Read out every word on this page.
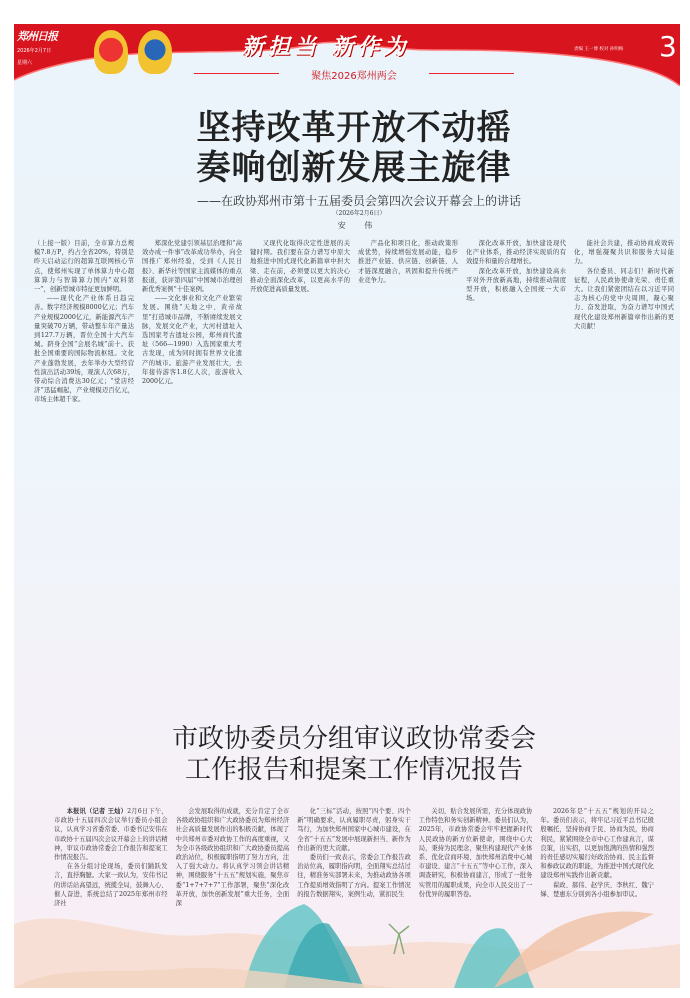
郑州日报
2026年2月7日
星期六
新担当 新作为
聚焦2026郑州两会
责编 王一博 校对 孙明梅 3
坚持改革开放不动摇
奏响创新发展主旋律
——在政协郑州市第十五届委员会第四次会议开幕会上的讲话
（2026年2月6日）
安 伟

（上接一版）目前，全市算力总规模7.8万P，约占全省20%，特别是昨天启动运行的超算互联网核心节点，使郑州实现了单体算力中心超算算力与智算算力国内“双料第一”，创新型城市特征更加鲜明。

——现代化产业体系日趋完善。数字经济规模8000亿元；汽车产业规模2000亿元，新能源汽车产量突破70万辆，带动整车年产量达到127.7万辆，晋位全国十大汽车城。跻身全国“会展名城”前十。获批全国重要的国际物流枢纽。文化产业蓬勃发展，去年举办大型经营性演出活动39场，观演人次68万，带动综合消费达30亿元；“堂店经济”迅猛崛起，产业规模迈百亿元，市场主体超千家。

郑深化党建引领基层治理和“高效办成一件事”改革成功举办，向全国推广郑州经验，受到《人民日报》、新华社等国家主流媒体的重点报道，获评第四届“中国城市治理创新优秀案例”十佳案例。

——文化事业和文化产业繁荣发展。围绕“天地之中、黄帝故里”打造城市品牌，不断赓续发展文脉，发展文化产业，大河村遗址入选国家考古遗址公园，郑州商代遗址（566—1990）入选国家重大考古发现，成为同时拥有世界文化遗产的城市。旅游产业发展壮大，去年接待游客1.8亿人次，旅游收入2000亿元。

又现代化取得决定性进展的关键时期。我们要在奋力谱写中原大地推进中国式现代化新篇章中担大梁、走在前，必须要以更大的决心推动全面深化改革，以更高水平的开放促进高质量发展。

产品化和项目化，推动政策形成优势，持续增强发展动能，稳步推进产业链、供应链、创新链、人才链深度融合，巩固和提升传统产业竞争力。

深化改革开放，加快建设现代化产业体系，推动经济实现质的有效提升和量的合理增长。

深化改革开放，加快建设高水平对外开放新高地，持续推动制度型开放，积极融入全国统一大市场。

能社会共建，推动协商成效转化，增强凝聚共识和服务大局能力。

各位委员、同志们！新时代新征程，人民政协使命光荣、责任重大。让我们紧密团结在以习近平同志为核心的党中央周围，凝心聚力、奋发进取，为奋力谱写中国式现代化建设郑州新篇章作出新的更大贡献！

市政协委员分组审议政协常委会
工作报告和提案工作情况报告

本报讯（记者 王灿）2月6日下午，市政协十五届四次会议举行委员小组会议，认真学习省委常委、市委书记安伟在市政协十五届四次会议开幕会上的讲话精神，审议市政协常委会工作报告和提案工作情况报告。

在各分组讨论现场，委员们踊跃发言，直抒胸臆。大家一致认为，安伟书记的讲话站高望远，统揽全局，鼓舞人心、催人奋进，系统总结了2025年郑州市经济社

会发展取得的成就，充分肯定了全市各级政协组织和广大政协委员为郑州经济社会高质量发展作出的积极贡献，体现了中共郑州市委对政协工作的高度重视，又为全市各级政协组织和广大政协委员提高政治站位，积极履职指明了努力方向，注入了强大动力。将认真学习领会讲话精神，围绕服务“十五五”规划实施，聚焦市委“1+7+7+7”工作部署，聚焦“深化改革开放，加快创新发展”重大任务，全面深

化“三标”活动，按照“四个要、四个新”明确要求，认真履职尽责，躬身实干笃行，为加快郑州国家中心城市建设，在全省“十五五”发展中展现新担当、新作为作出新的更大贡献。

委员们一致表示，常委会工作报告政治站位高，履职指向明，全面翔实总结过往，精准务实部署未来，为推动政协各项工作提质增效指明了方向。提案工作情况的报告数据翔实，案例生动，紧扣民生

关切，贴合发展所需，充分体现政协工作特色和务实创新精神。委员们认为，2025年，市政协常委会牢牢把握新时代人民政协的新方位新使命，围绕中心大局，秉持为民理念，聚焦构建现代产业体系、优化营商环境、加快郑州消费中心城市建设、建言“十五五”等中心工作，深入调查研究，积极协商建言，形成了一批务实管用的履职成果，向全市人民交出了一份优异的履职答卷。

2026年是“十五五”规划的开局之年。委员们表示，将牢记习近平总书记殷殷嘱托，坚持协商于民、协商为民，协商利民，紧紧围绕全市中心工作建真言，谋良策，出实招，以更加饱满的热情和强烈的责任感切实履行好政治协商、民主监督和参政议政的职能，为推进中国式现代化建设郑州实践作出新贡献。

翟政、郝伟、赵学庆、李秋红、魏宁娣、楚惠东分别到各小组参加审议。
